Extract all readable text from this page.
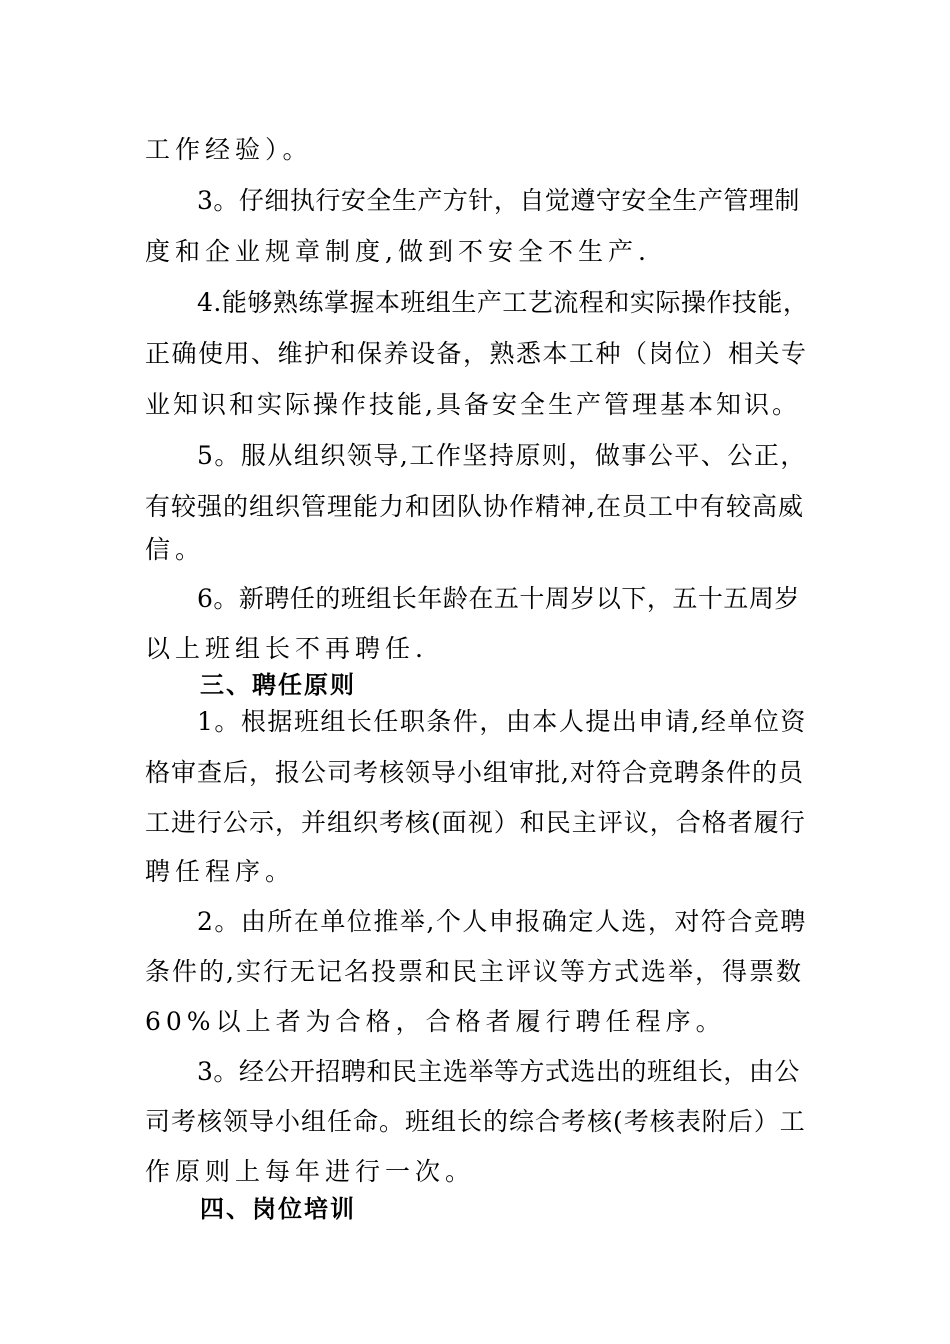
工作经验）。
3。仔细执行安全生产方针，自觉遵守安全生产管理制
度和企业规章制度,做到不安全不生产.
4.能够熟练掌握本班组生产工艺流程和实际操作技能，
正确使用、维护和保养设备，熟悉本工种（岗位）相关专
业知识和实际操作技能,具备安全生产管理基本知识。
5。服从组织领导,工作坚持原则，做事公平、公正，
有较强的组织管理能力和团队协作精神,在员工中有较高威
信。
6。新聘任的班组长年龄在五十周岁以下，五十五周岁
以上班组长不再聘任.
三、聘任原则
1。根据班组长任职条件，由本人提出申请,经单位资
格审查后，报公司考核领导小组审批,对符合竞聘条件的员
工进行公示，并组织考核(面视）和民主评议，合格者履行
聘任程序。
2。由所在单位推举,个人申报确定人选，对符合竞聘
条件的,实行无记名投票和民主评议等方式选举，得票数
60%以上者为合格，合格者履行聘任程序。
3。经公开招聘和民主选举等方式选出的班组长，由公
司考核领导小组任命。班组长的综合考核(考核表附后）工
作原则上每年进行一次。
四、岗位培训
